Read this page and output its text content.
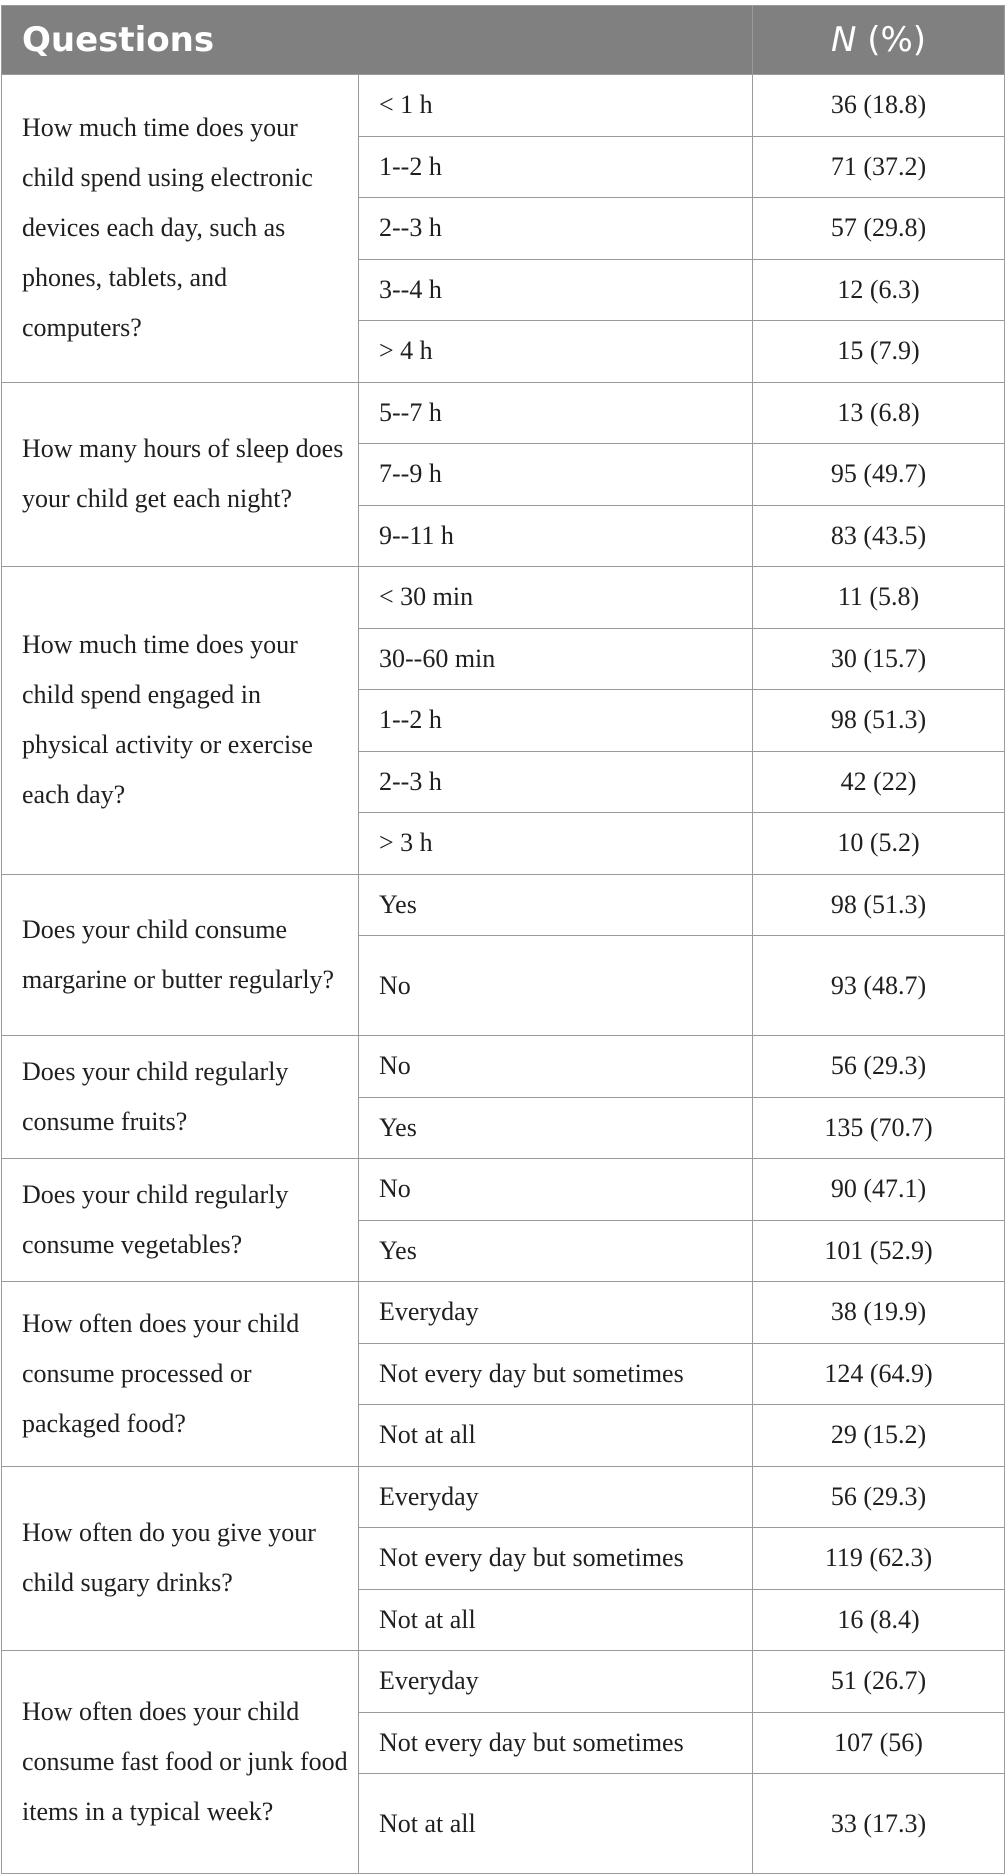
Questions		N (%)
How much time does your child spend using electronic devices each day, such as phones, tablets, and computers?	< 1 h	36 (18.8)
	1--2 h	71 (37.2)
	2--3 h	57 (29.8)
	3--4 h	12 (6.3)
	> 4 h	15 (7.9)
How many hours of sleep does your child get each night?	5--7 h	13 (6.8)
	7--9 h	95 (49.7)
	9--11 h	83 (43.5)
How much time does your child spend engaged in physical activity or exercise each day?	< 30 min	11 (5.8)
	30--60 min	30 (15.7)
	1--2 h	98 (51.3)
	2--3 h	42 (22)
	> 3 h	10 (5.2)
Does your child consume margarine or butter regularly?	Yes	98 (51.3)
	No	93 (48.7)
Does your child regularly consume fruits?	No	56 (29.3)
	Yes	135 (70.7)
Does your child regularly consume vegetables?	No	90 (47.1)
	Yes	101 (52.9)
How often does your child consume processed or packaged food?	Everyday	38 (19.9)
	Not every day but sometimes	124 (64.9)
	Not at all	29 (15.2)
How often do you give your child sugary drinks?	Everyday	56 (29.3)
	Not every day but sometimes	119 (62.3)
	Not at all	16 (8.4)
How often does your child consume fast food or junk food items in a typical week?	Everyday	51 (26.7)
	Not every day but sometimes	107 (56)
	Not at all	33 (17.3)
